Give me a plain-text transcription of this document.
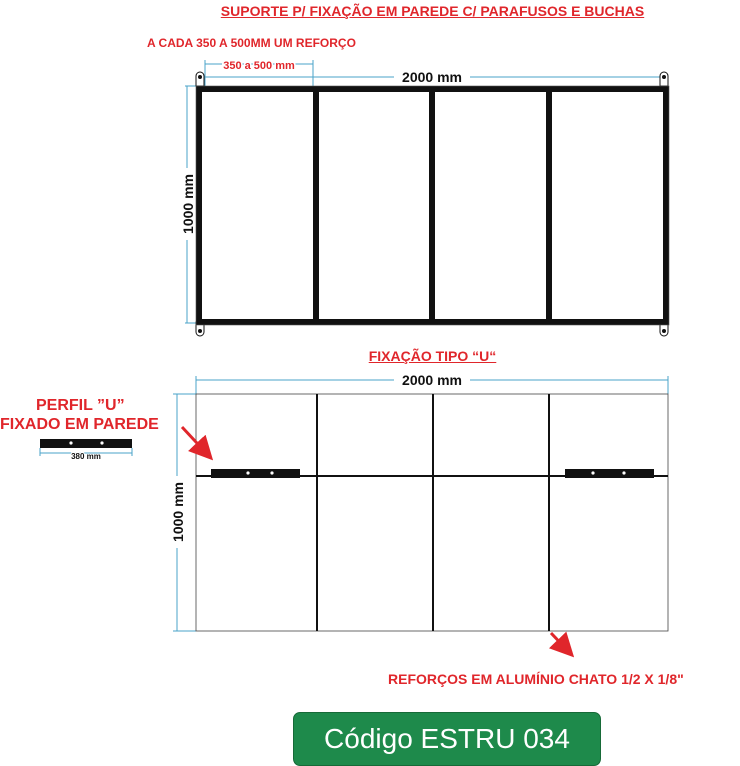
SUPORTE P/ FIXAÇÃO EM PAREDE C/ PARAFUSOS E BUCHAS
A CADA 350 A 500MM UM REFORÇO
FIXAÇÃO TIPO “U“
PERFIL ”U”
FIXADO EM PAREDE
REFORÇOS EM ALUMÍNIO CHATO 1/2 X 1/8"
350 a 500 mm
2000 mm
1000 mm
2000 mm
1000 mm
380 mm
Código ESTRU 034
